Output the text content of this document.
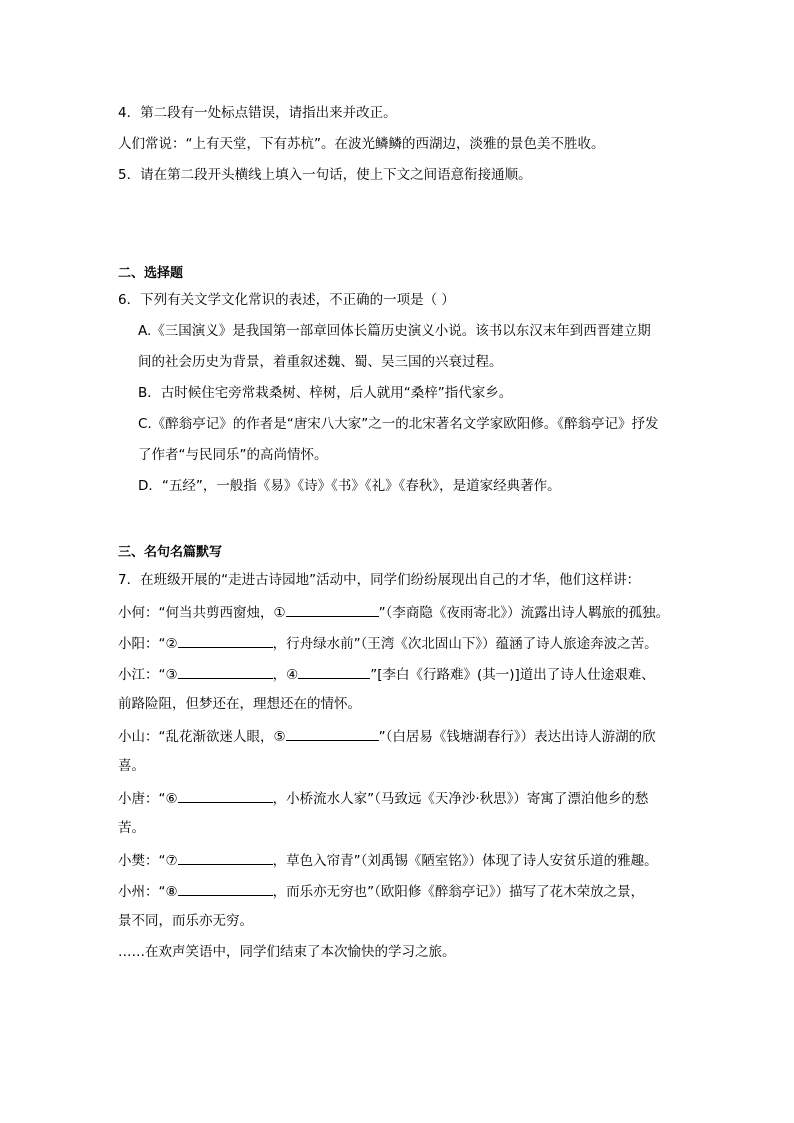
4．第二段有一处标点错误，请指出来并改正。
人们常说：“上有天堂，下有苏杭”。在波光鳞鳞的西湖边，淡雅的景色美不胜收。
5．请在第二段开头横线上填入一句话，使上下文之间语意衔接通顺。
二、选择题
6．下列有关文学文化常识的表述，不正确的一项是（ ）
A.《三国演义》是我国第一部章回体长篇历史演义小说。该书以东汉末年到西晋建立期
间的社会历史为背景，着重叙述魏、蜀、吴三国的兴衰过程。
B．古时候住宅旁常栽桑树、梓树，后人就用“桑梓”指代家乡。
C.《醉翁亭记》的作者是“唐宋八大家”之一的北宋著名文学家欧阳修。《醉翁亭记》抒发
了作者“与民同乐”的高尚情怀。
D．“五经”，一般指《易》《诗》《书》《礼》《春秋》，是道家经典著作。
三、名句名篇默写
7．在班级开展的“走进古诗园地”活动中，同学们纷纷展现出自己的才华，他们这样讲：
小何：“何当共剪西窗烛，①	”（李商隐《夜雨寄北》）流露出诗人羁旅的孤独。
小阳：“②	，行舟绿水前”（王湾《次北固山下》）蕴涵了诗人旅途奔波之苦。
小江：“③	，④	”[李白《行路难》(其一)]道出了诗人仕途艰难、
前路险阻，但梦还在，理想还在的情怀。
小山：“乱花渐欲迷人眼，⑤	”（白居易《钱塘湖春行》）表达出诗人游湖的欣
喜。
小唐：“⑥	，小桥流水人家”（马致远《天净沙·秋思》）寄寓了漂泊他乡的愁
苦。
小樊：“⑦	，草色入帘青”（刘禹锡《陋室铭》）体现了诗人安贫乐道的雅趣。
小州：“⑧	，而乐亦无穷也”（欧阳修《醉翁亭记》）描写了花木荣放之景，
景不同，而乐亦无穷。
……在欢声笑语中，同学们结束了本次愉快的学习之旅。
